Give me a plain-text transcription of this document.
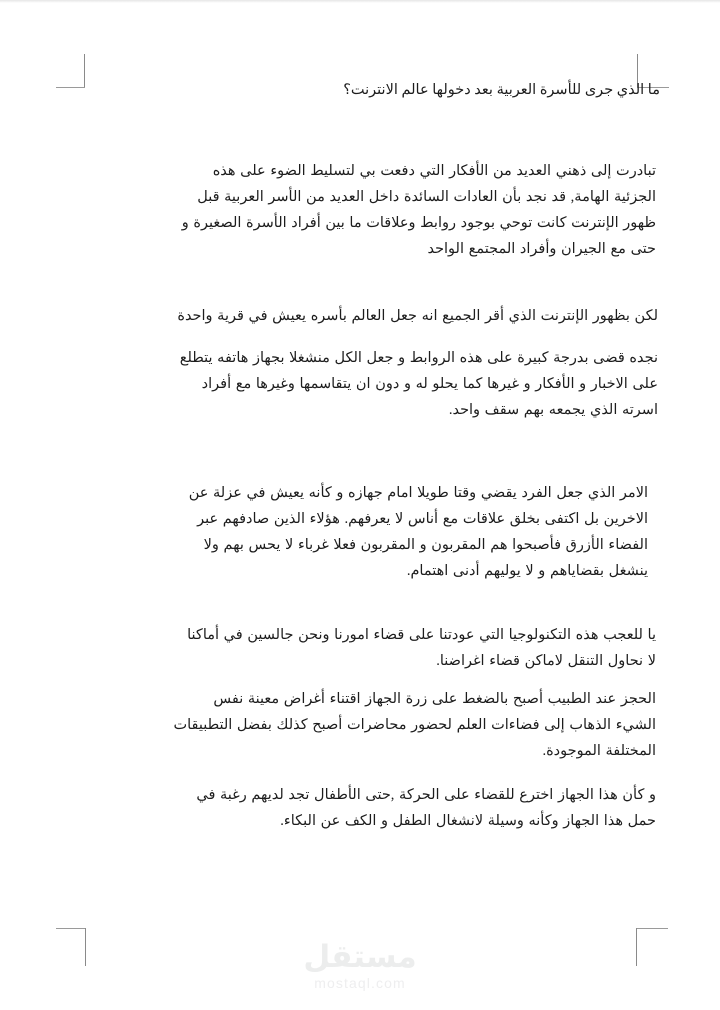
ما الذي جرى للأسرة العربية بعد دخولها عالم الانترنت؟
تبادرت إلى ذهني العديد من الأفكار التي دفعت بي لتسليط الضوء على هذه
الجزئية الهامة, قد نجد بأن العادات السائدة داخل العديد من الأسر العربية قبل
ظهور الإنترنت كانت توحي بوجود روابط وعلاقات ما بين أفراد الأسرة الصغيرة و
حتى مع الجيران وأفراد المجتمع الواحد
لكن بظهور الإنترنت الذي أقر الجميع انه جعل العالم بأسره يعيش في قرية واحدة
نجده قضى بدرجة كبيرة على هذه الروابط و جعل الكل منشغلا بجهاز هاتفه يتطلع
على الاخبار و الأفكار و غيرها كما يحلو له و دون ان يتقاسمها وغيرها مع أفراد
اسرته الذي يجمعه بهم سقف واحد.
الامر الذي جعل الفرد يقضي وقتا طويلا امام جهازه و كأنه يعيش في عزلة عن
الاخرين بل اكتفى بخلق علاقات مع أناس لا يعرفهم. هؤلاء الذين صادفهم عبر
الفضاء الأزرق فأصبحوا هم المقربون و المقربون فعلا غرباء لا يحس بهم ولا
ينشغل بقضاياهم و لا يوليهم أدنى اهتمام.
يا للعجب هذه التكنولوجيا التي عودتنا على قضاء امورنا ونحن جالسين في أماكنا
لا نحاول التنقل لاماكن قضاء اغراضنا.
الحجز عند الطبيب أصبح بالضغط على زرة الجهاز اقتناء أغراض معينة نفس
الشيء الذهاب إلى فضاءات العلم لحضور محاضرات أصبح كذلك بفضل التطبيقات
المختلفة الموجودة.
و كأن هذا الجهاز اخترع للقضاء على الحركة ,حتى الأطفال تجد لديهم رغبة في
حمل هذا الجهاز وكأنه وسيلة لانشغال الطفل و الكف عن البكاء.
مستقل
mostaql.com
